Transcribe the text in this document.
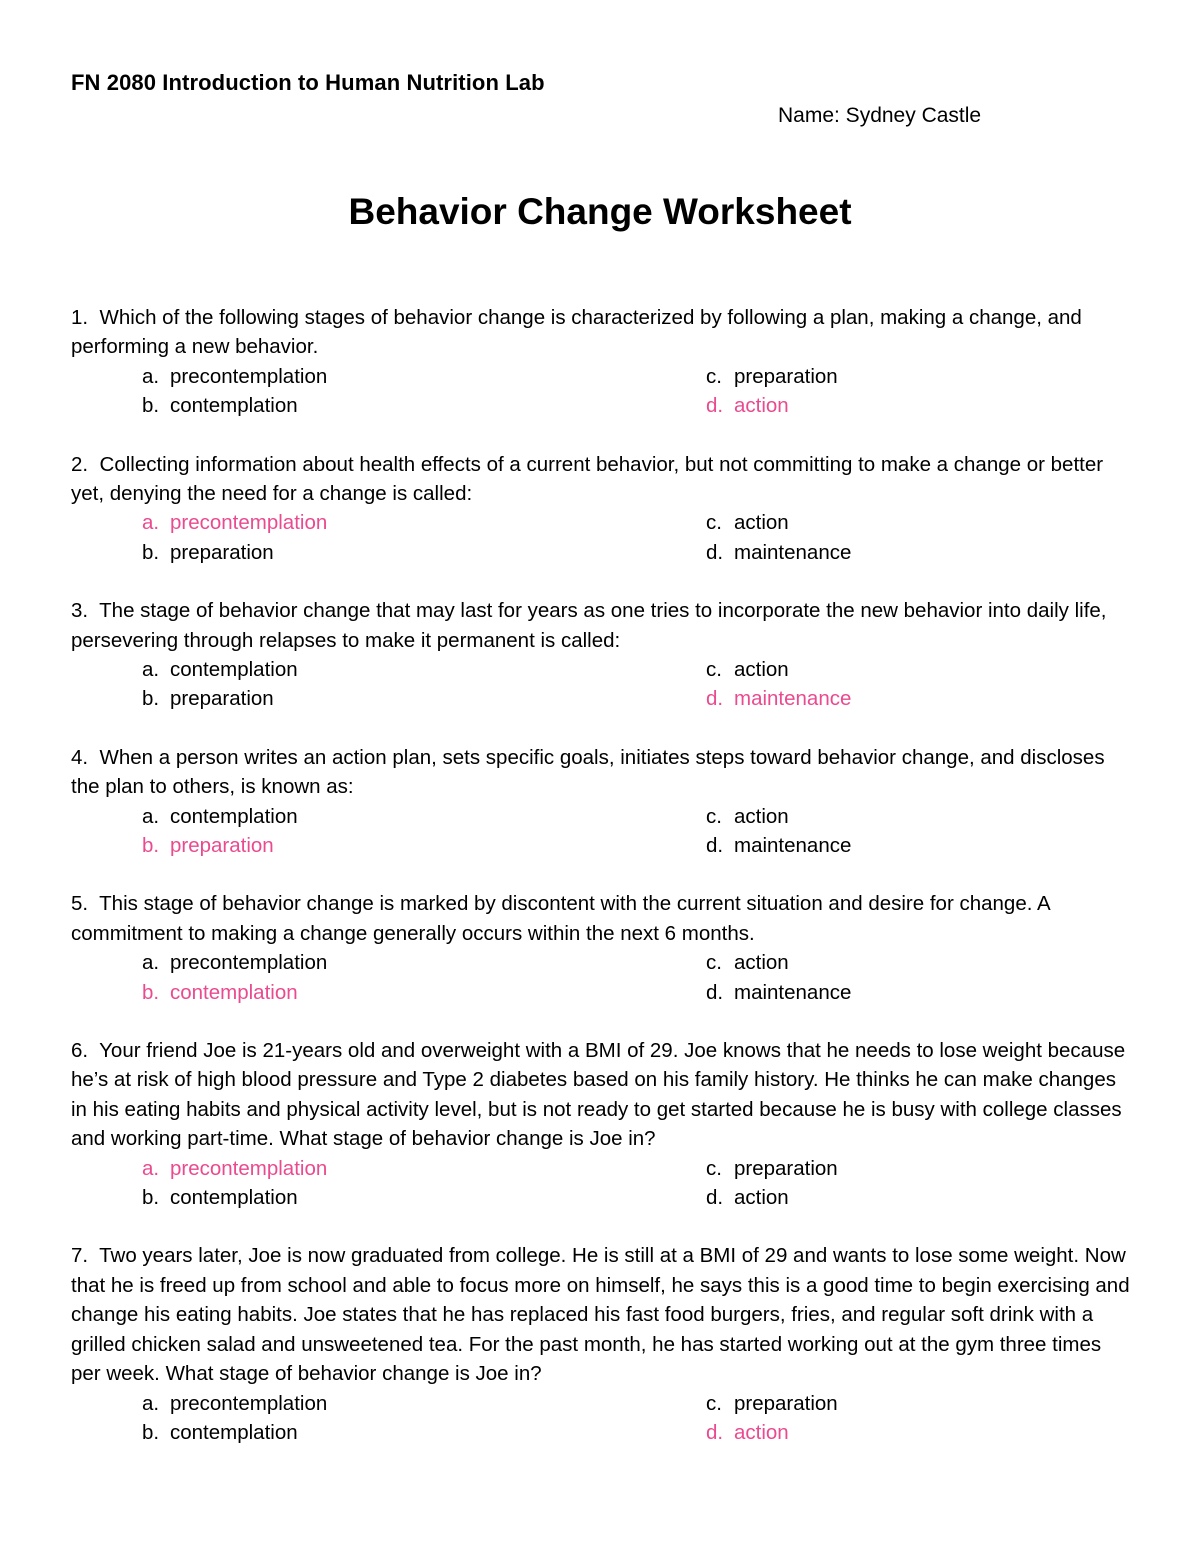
FN 2080 Introduction to Human Nutrition Lab
Name: Sydney Castle
Behavior Change Worksheet

1. Which of the following stages of behavior change is characterized by following a plan, making a change, and performing a new behavior.

a. precontemplation
b. contemplation
c. preparation
d. action

2. Collecting information about health effects of a current behavior, but not committing to make a change or better yet, denying the need for a change is called:

a. precontemplation
b. preparation
c. action
d. maintenance

3. The stage of behavior change that may last for years as one tries to incorporate the new behavior into daily life, persevering through relapses to make it permanent is called:

a. contemplation
b. preparation
c. action
d. maintenance

4. When a person writes an action plan, sets specific goals, initiates steps toward behavior change, and discloses the plan to others, is known as:

a. contemplation
b. preparation
c. action
d. maintenance

5. This stage of behavior change is marked by discontent with the current situation and desire for change. A commitment to making a change generally occurs within the next 6 months.

a. precontemplation
b. contemplation
c. action
d. maintenance

6. Your friend Joe is 21-years old and overweight with a BMI of 29. Joe knows that he needs to lose weight because he’s at risk of high blood pressure and Type 2 diabetes based on his family history. He thinks he can make changes in his eating habits and physical activity level, but is not ready to get started because he is busy with college classes and working part-time. What stage of behavior change is Joe in?

a. precontemplation
b. contemplation
c. preparation
d. action

7. Two years later, Joe is now graduated from college. He is still at a BMI of 29 and wants to lose some weight. Now that he is freed up from school and able to focus more on himself, he says this is a good time to begin exercising and change his eating habits. Joe states that he has replaced his fast food burgers, fries, and regular soft drink with a grilled chicken salad and unsweetened tea. For the past month, he has started working out at the gym three times per week. What stage of behavior change is Joe in?

a. precontemplation
b. contemplation
c. preparation
d. action
